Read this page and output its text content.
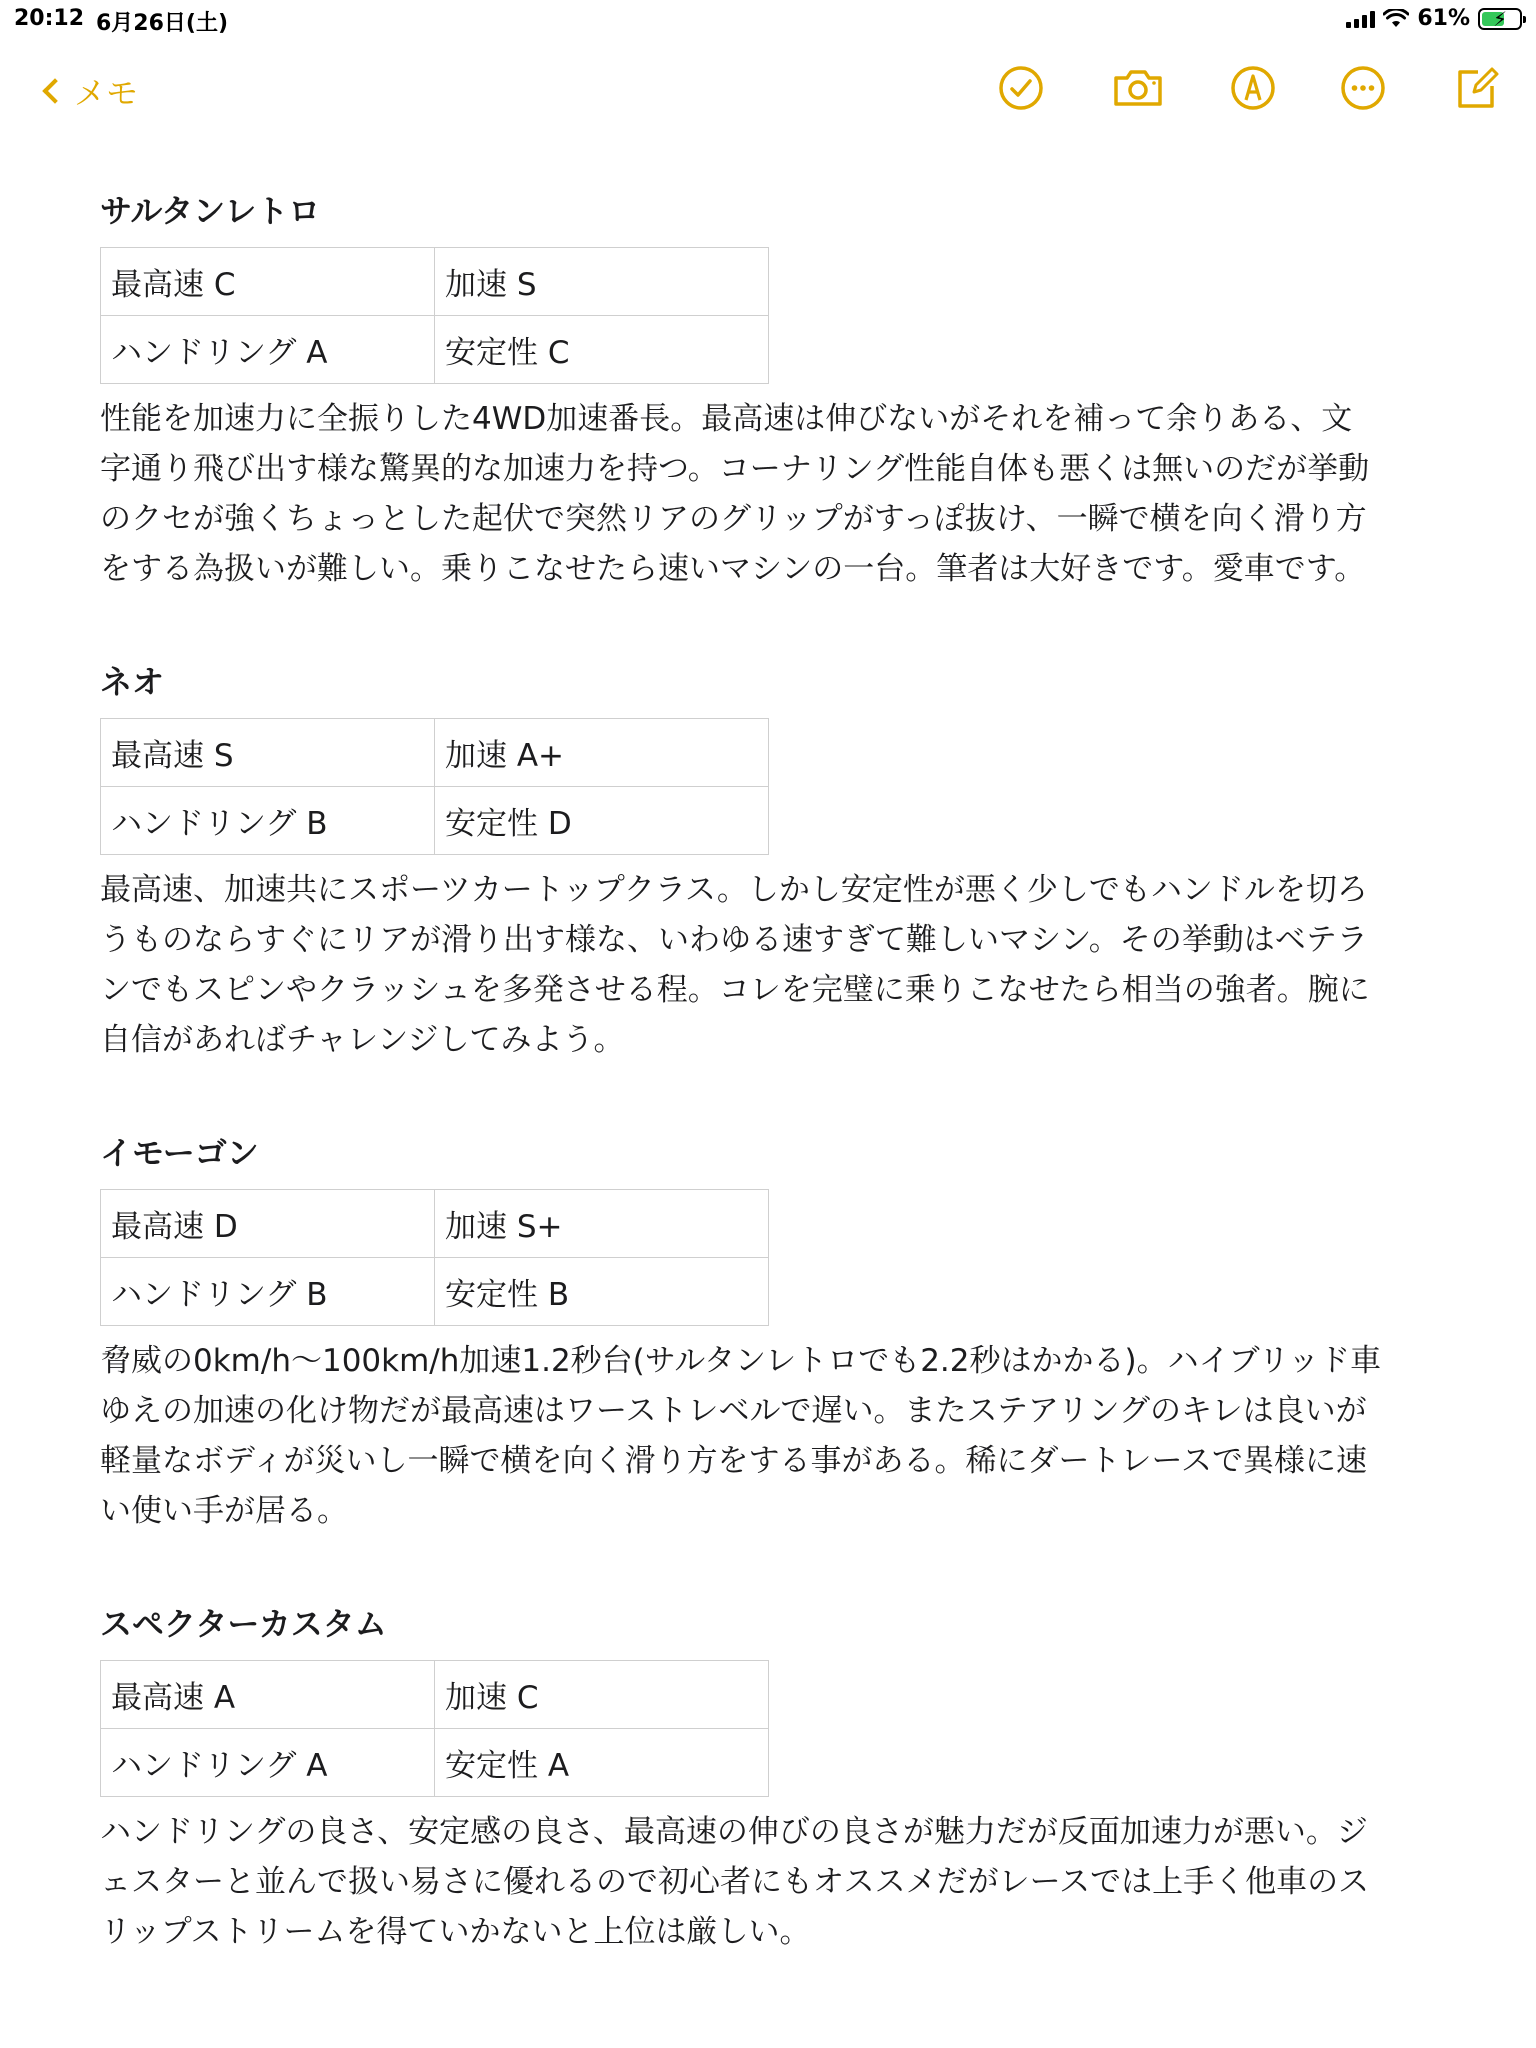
20:12 6月26日(土)	61% ⚡
メモ
サルタンレトロ
最高速 C	加速 S
ハンドリング A	安定性 C
性能を加速力に全振りした4WD加速番長。最高速は伸びないがそれを補って余りある、文
字通り飛び出す様な驚異的な加速力を持つ。コーナリング性能自体も悪くは無いのだが挙動
のクセが強くちょっとした起伏で突然リアのグリップがすっぽ抜け、一瞬で横を向く滑り方
をする為扱いが難しい。乗りこなせたら速いマシンの一台。筆者は大好きです。愛車です。
ネオ
最高速 S	加速 A+
ハンドリング B	安定性 D
最高速、加速共にスポーツカートップクラス。しかし安定性が悪く少しでもハンドルを切ろ
うものならすぐにリアが滑り出す様な、いわゆる速すぎて難しいマシン。その挙動はベテラ
ンでもスピンやクラッシュを多発させる程。コレを完璧に乗りこなせたら相当の強者。腕に
自信があればチャレンジしてみよう。
イモーゴン
最高速 D	加速 S+
ハンドリング B	安定性 B
脅威の0km/h〜100km/h加速1.2秒台(サルタンレトロでも2.2秒はかかる)。ハイブリッド車
ゆえの加速の化け物だが最高速はワーストレベルで遅い。またステアリングのキレは良いが
軽量なボディが災いし一瞬で横を向く滑り方をする事がある。稀にダートレースで異様に速
い使い手が居る。
スペクターカスタム
最高速 A	加速 C
ハンドリング A	安定性 A
ハンドリングの良さ、安定感の良さ、最高速の伸びの良さが魅力だが反面加速力が悪い。ジ
ェスターと並んで扱い易さに優れるので初心者にもオススメだがレースでは上手く他車のス
リップストリームを得ていかないと上位は厳しい。
